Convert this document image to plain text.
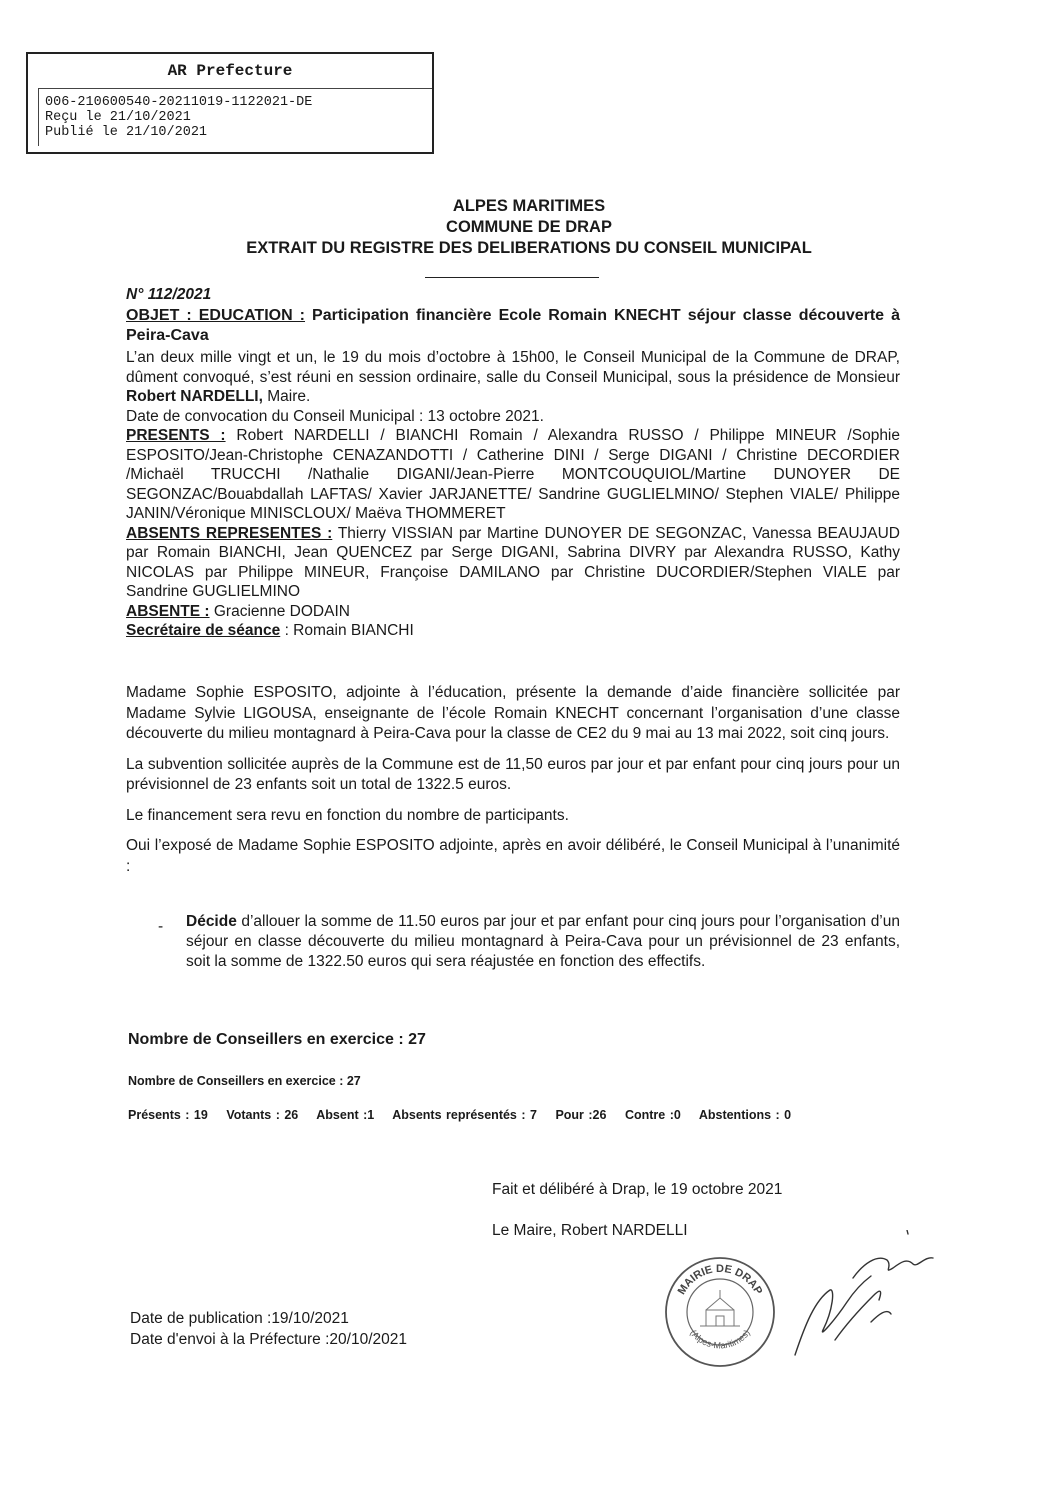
AR Prefecture
006-210600540-20211019-1122021-DE
Reçu le 21/10/2021
Publié le 21/10/2021
ALPES MARITIMES
COMMUNE DE DRAP
EXTRAIT DU REGISTRE DES DELIBERATIONS DU CONSEIL MUNICIPAL
N° 112/2021
OBJET : EDUCATION : Participation financière Ecole Romain KNECHT séjour classe découverte à Peira-Cava

L’an deux mille vingt et un, le 19 du mois d’octobre à 15h00, le Conseil Municipal de la Commune de DRAP, dûment convoqué, s’est réuni en session ordinaire, salle du Conseil Municipal, sous la présidence de Monsieur Robert NARDELLI, Maire.

Date de convocation du Conseil Municipal : 13 octobre 2021.

PRESENTS : Robert NARDELLI / BIANCHI Romain / Alexandra RUSSO / Philippe MINEUR /Sophie ESPOSITO/Jean-Christophe CENAZANDOTTI / Catherine DINI / Serge DIGANI / Christine DECORDIER /Michaël TRUCCHI /Nathalie DIGANI/Jean-Pierre MONTCOUQUIOL/Martine DUNOYER DE SEGONZAC/Bouabdallah LAFTAS/ Xavier JARJANETTE/ Sandrine GUGLIELMINO/ Stephen VIALE/ Philippe JANIN/Véronique MINISCLOUX/ Maëva THOMMERET

ABSENTS REPRESENTES : Thierry VISSIAN par Martine DUNOYER DE SEGONZAC, Vanessa BEAUJAUD par Romain BIANCHI, Jean QUENCEZ par Serge DIGANI, Sabrina DIVRY par Alexandra RUSSO, Kathy NICOLAS par Philippe MINEUR, Françoise DAMILANO par Christine DUCORDIER/Stephen VIALE par Sandrine GUGLIELMINO

ABSENTE : Gracienne DODAIN

Secrétaire de séance : Romain BIANCHI

Madame Sophie ESPOSITO, adjointe à l’éducation, présente la demande d’aide financière sollicitée par Madame Sylvie LIGOUSA, enseignante de l’école Romain KNECHT concernant l’organisation d’une classe découverte du milieu montagnard à Peira-Cava pour la classe de CE2 du 9 mai au 13 mai 2022, soit cinq jours.

La subvention sollicitée auprès de la Commune est de 11,50 euros par jour et par enfant pour cinq jours pour un prévisionnel de 23 enfants soit un total de 1322.5 euros.

Le financement sera revu en fonction du nombre de participants.

Oui l’exposé de Madame Sophie ESPOSITO adjointe, après en avoir délibéré, le Conseil Municipal à l’unanimité :

- Décide d’allouer la somme de 11.50 euros par jour et par enfant pour cinq jours pour l’organisation d’un séjour en classe découverte du milieu montagnard à Peira-Cava pour un prévisionnel de 23 enfants, soit la somme de 1322.50 euros qui sera réajustée en fonction des effectifs.
Nombre de Conseillers en exercice : 27
Nombre de Conseillers en exercice : 27
Présents : 19 Votants : 26 Absent :1 Absents représentés : 7 Pour :26 Contre :0 Abstentions : 0
Fait et délibéré à Drap, le 19 octobre 2021
Le Maire, Robert NARDELLI
MAIRIE DE DRAP
(Alpes-Maritimes)
Date de publication :19/10/2021
Date d'envoi à la Préfecture :20/10/2021
